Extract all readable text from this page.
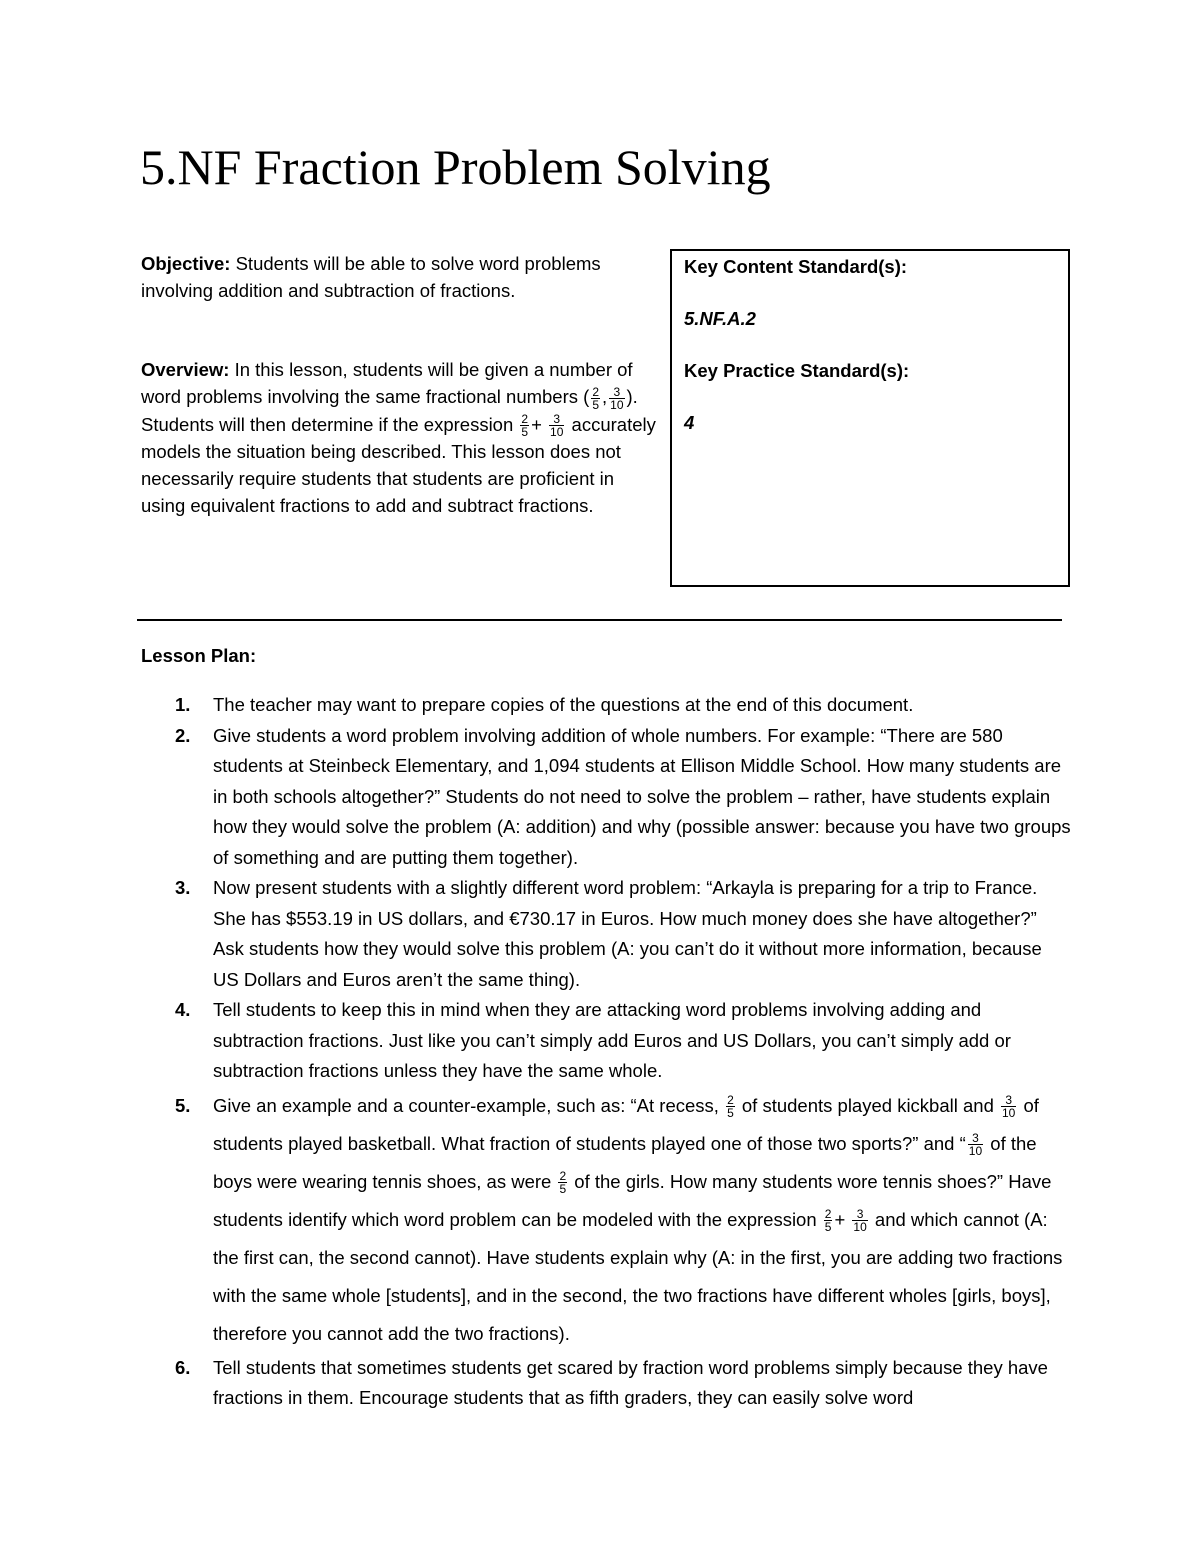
5.NF Fraction Problem Solving

Objective: Students will be able to solve word problems involving addition and subtraction of fractions.

Overview: In this lesson, students will be given a number of word problems involving the same fractional numbers ( $\frac{2}{5}$ , $\frac{3}{10}$ ). Students will then determine if the expression $\frac{2}{5} + \frac{3}{10}$ accurately models the situation being described. This lesson does not necessarily require students that students are proficient in using equivalent fractions to add and subtract fractions.

Key Content Standard(s):
5.NF.A.2
Key Practice Standard(s):
4
Lesson Plan:
1. The teacher may want to prepare copies of the questions at the end of this document.
2. Give students a word problem involving addition of whole numbers. For example: “There are 580 students at Steinbeck Elementary, and 1,094 students at Ellison Middle School. How many students are in both schools altogether?” Students do not need to solve the problem – rather, have students explain how they would solve the problem (A: addition) and why (possible answer: because you have two groups of something and are putting them together).
3. Now present students with a slightly different word problem: “Arkayla is preparing for a trip to France. She has $553.19 in US dollars, and €730.17 in Euros. How much money does she have altogether?” Ask students how they would solve this problem (A: you can’t do it without more information, because US Dollars and Euros aren’t the same thing).
4. Tell students to keep this in mind when they are attacking word problems involving adding and subtraction fractions. Just like you can’t simply add Euros and US Dollars, you can’t simply add or subtraction fractions unless they have the same whole.
5. Give an example and a counter-example, such as: “At recess, $\frac{2}{5}$ of students played kickball and $\frac{3}{10}$ of students played basketball. What fraction of students played one of those two sports?” and “ $\frac{3}{10}$ of the boys were wearing tennis shoes, as were $\frac{2}{5}$ of the girls. How many students wore tennis shoes?” Have students identify which word problem can be modeled with the expression $\frac{2}{5} + \frac{3}{10}$ and which cannot (A: the first can, the second cannot). Have students explain why (A: in the first, you are adding two fractions with the same whole [students], and in the second, the two fractions have different wholes [girls, boys], therefore you cannot add the two fractions).
6. Tell students that sometimes students get scared by fraction word problems simply because they have fractions in them. Encourage students that as fifth graders, they can easily solve word
